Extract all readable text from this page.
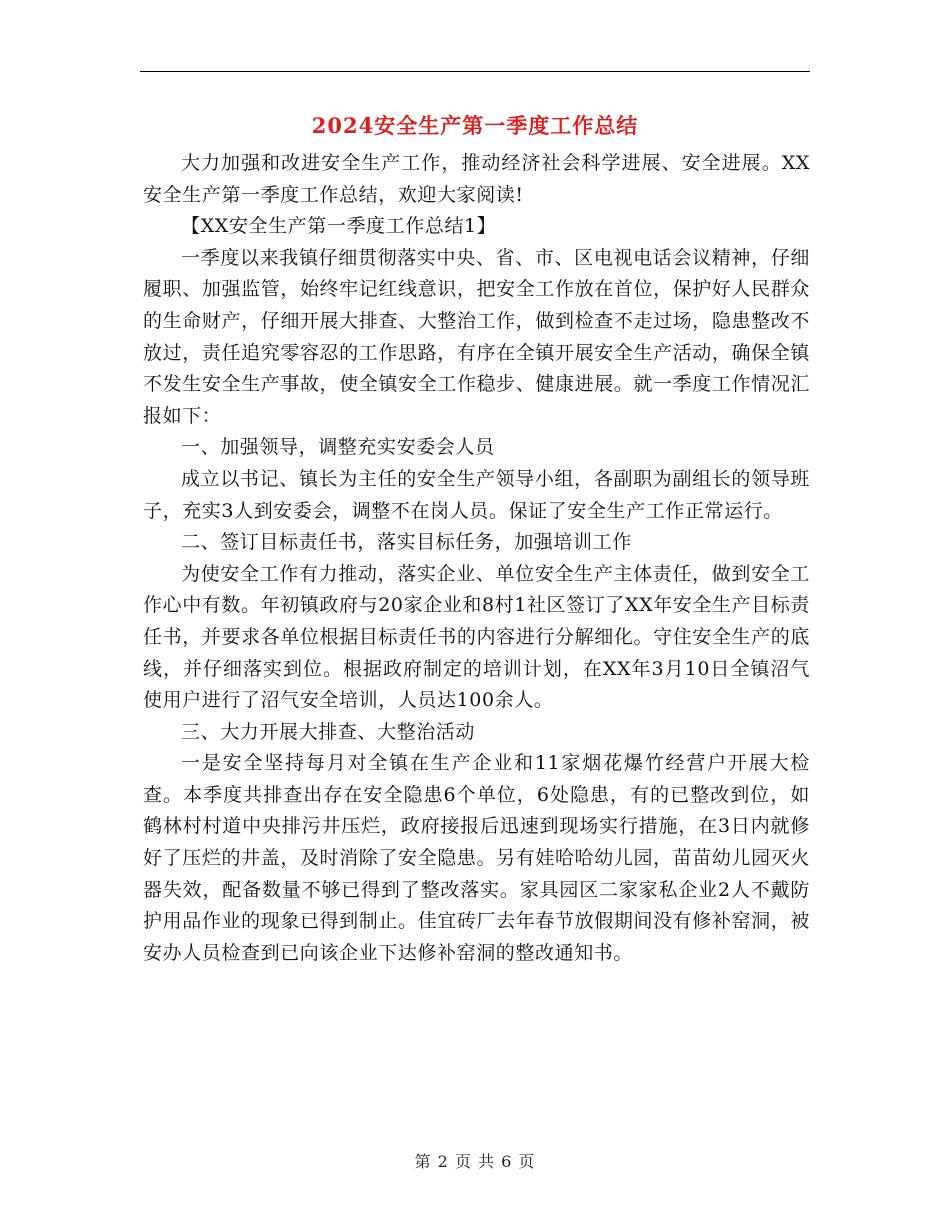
2024安全生产第一季度工作总结

大力加强和改进安全生产工作，推动经济社会科学进展、安全进展。XX安全生产第一季度工作总结，欢迎大家阅读!

【XX安全生产第一季度工作总结1】

一季度以来我镇仔细贯彻落实中央、省、市、区电视电话会议精神，仔细履职、加强监管，始终牢记红线意识，把安全工作放在首位，保护好人民群众的生命财产，仔细开展大排查、大整治工作，做到检查不走过场，隐患整改不放过，责任追究零容忍的工作思路，有序在全镇开展安全生产活动，确保全镇不发生安全生产事故，使全镇安全工作稳步、健康进展。就一季度工作情况汇报如下：

一、加强领导，调整充实安委会人员

成立以书记、镇长为主任的安全生产领导小组，各副职为副组长的领导班子，充实3人到安委会，调整不在岗人员。保证了安全生产工作正常运行。

二、签订目标责任书，落实目标任务，加强培训工作

为使安全工作有力推动，落实企业、单位安全生产主体责任，做到安全工作心中有数。年初镇政府与20家企业和8村1社区签订了XX年安全生产目标责任书，并要求各单位根据目标责任书的内容进行分解细化。守住安全生产的底线，并仔细落实到位。根据政府制定的培训计划，在XX年3月10日全镇沼气使用户进行了沼气安全培训，人员达100余人。

三、大力开展大排查、大整治活动

一是安全坚持每月对全镇在生产企业和11家烟花爆竹经营户开展大检查。本季度共排查出存在安全隐患6个单位，6处隐患，有的已整改到位，如鹤林村村道中央排污井压烂，政府接报后迅速到现场实行措施，在3日内就修好了压烂的井盖，及时消除了安全隐患。另有娃哈哈幼儿园，苗苗幼儿园灭火器失效，配备数量不够已得到了整改落实。家具园区二家家私企业2人不戴防护用品作业的现象已得到制止。佳宜砖厂去年春节放假期间没有修补窑洞，被安办人员检查到已向该企业下达修补窑洞的整改通知书。

第 2 页 共 6 页
